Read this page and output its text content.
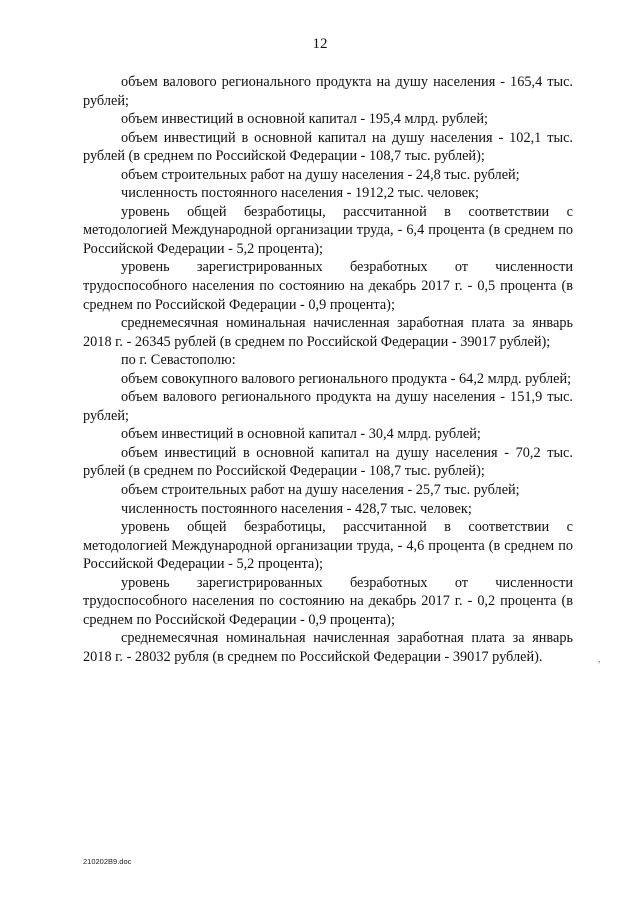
12

объем валового регионального продукта на душу населения - 165,4 тыс. рублей;

объем инвестиций в основной капитал - 195,4 млрд. рублей;

объем инвестиций в основной капитал на душу населения - 102,1 тыс. рублей (в среднем по Российской Федерации - 108,7 тыс. рублей);

объем строительных работ на душу населения - 24,8 тыс. рублей;

численность постоянного населения - 1912,2 тыс. человек;

уровень общей безработицы, рассчитанной в соответствии с методологией Международной организации труда, - 6,4 процента (в среднем по Российской Федерации - 5,2 процента);

уровень зарегистрированных безработных от численности трудоспособного населения по состоянию на декабрь 2017 г. - 0,5 процента (в среднем по Российской Федерации - 0,9 процента);

среднемесячная номинальная начисленная заработная плата за январь 2018 г. - 26345 рублей (в среднем по Российской Федерации - 39017 рублей);

по г. Севастополю:

объем совокупного валового регионального продукта - 64,2 млрд. рублей;

объем валового регионального продукта на душу населения - 151,9 тыс. рублей;

объем инвестиций в основной капитал - 30,4 млрд. рублей;

объем инвестиций в основной капитал на душу населения - 70,2 тыс. рублей (в среднем по Российской Федерации - 108,7 тыс. рублей);

объем строительных работ на душу населения - 25,7 тыс. рублей;

численность постоянного населения - 428,7 тыс. человек;

уровень общей безработицы, рассчитанной в соответствии с методологией Международной организации труда, - 4,6 процента (в среднем по Российской Федерации - 5,2 процента);

уровень зарегистрированных безработных от численности трудоспособного населения по состоянию на декабрь 2017 г. - 0,2 процента (в среднем по Российской Федерации - 0,9 процента);

среднемесячная номинальная начисленная заработная плата за январь 2018 г. - 28032 рубля (в среднем по Российской Федерации - 39017 рублей).	,
210202В9.doc
